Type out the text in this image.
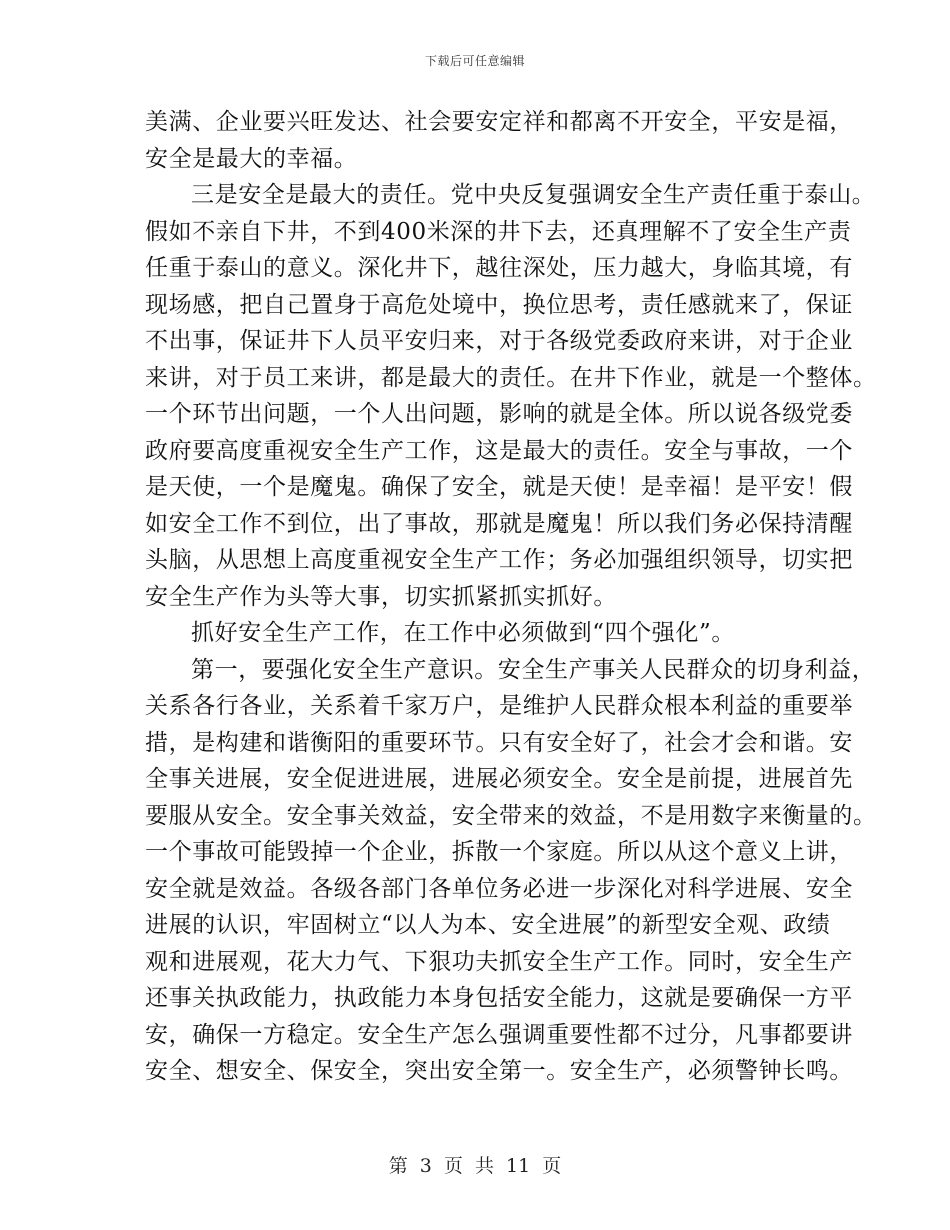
下载后可任意编辑
美满、企业要兴旺发达、社会要安定祥和都离不开安全，平安是福，
安全是最大的幸福。
三是安全是最大的责任。党中央反复强调安全生产责任重于泰山。
假如不亲自下井，不到400米深的井下去，还真理解不了安全生产责
任重于泰山的意义。深化井下，越往深处，压力越大，身临其境，有
现场感，把自己置身于高危处境中，换位思考，责任感就来了，保证
不出事，保证井下人员平安归来，对于各级党委政府来讲，对于企业
来讲，对于员工来讲，都是最大的责任。在井下作业，就是一个整体。
一个环节出问题，一个人出问题，影响的就是全体。所以说各级党委
政府要高度重视安全生产工作，这是最大的责任。安全与事故，一个
是天使，一个是魔鬼。确保了安全，就是天使！是幸福！是平安！假
如安全工作不到位，出了事故，那就是魔鬼！所以我们务必保持清醒
头脑，从思想上高度重视安全生产工作；务必加强组织领导，切实把
安全生产作为头等大事，切实抓紧抓实抓好。
抓好安全生产工作，在工作中必须做到“四个强化”。
第一，要强化安全生产意识。安全生产事关人民群众的切身利益，
关系各行各业，关系着千家万户，是维护人民群众根本利益的重要举
措，是构建和谐衡阳的重要环节。只有安全好了，社会才会和谐。安
全事关进展，安全促进进展，进展必须安全。安全是前提，进展首先
要服从安全。安全事关效益，安全带来的效益，不是用数字来衡量的。
一个事故可能毁掉一个企业，拆散一个家庭。所以从这个意义上讲，
安全就是效益。各级各部门各单位务必进一步深化对科学进展、安全
进展的认识，牢固树立“以人为本、安全进展”的新型安全观、政绩
观和进展观，花大力气、下狠功夫抓安全生产工作。同时，安全生产
还事关执政能力，执政能力本身包括安全能力，这就是要确保一方平
安，确保一方稳定。安全生产怎么强调重要性都不过分，凡事都要讲
安全、想安全、保安全，突出安全第一。安全生产，必须警钟长鸣。
第 3 页 共 11 页
